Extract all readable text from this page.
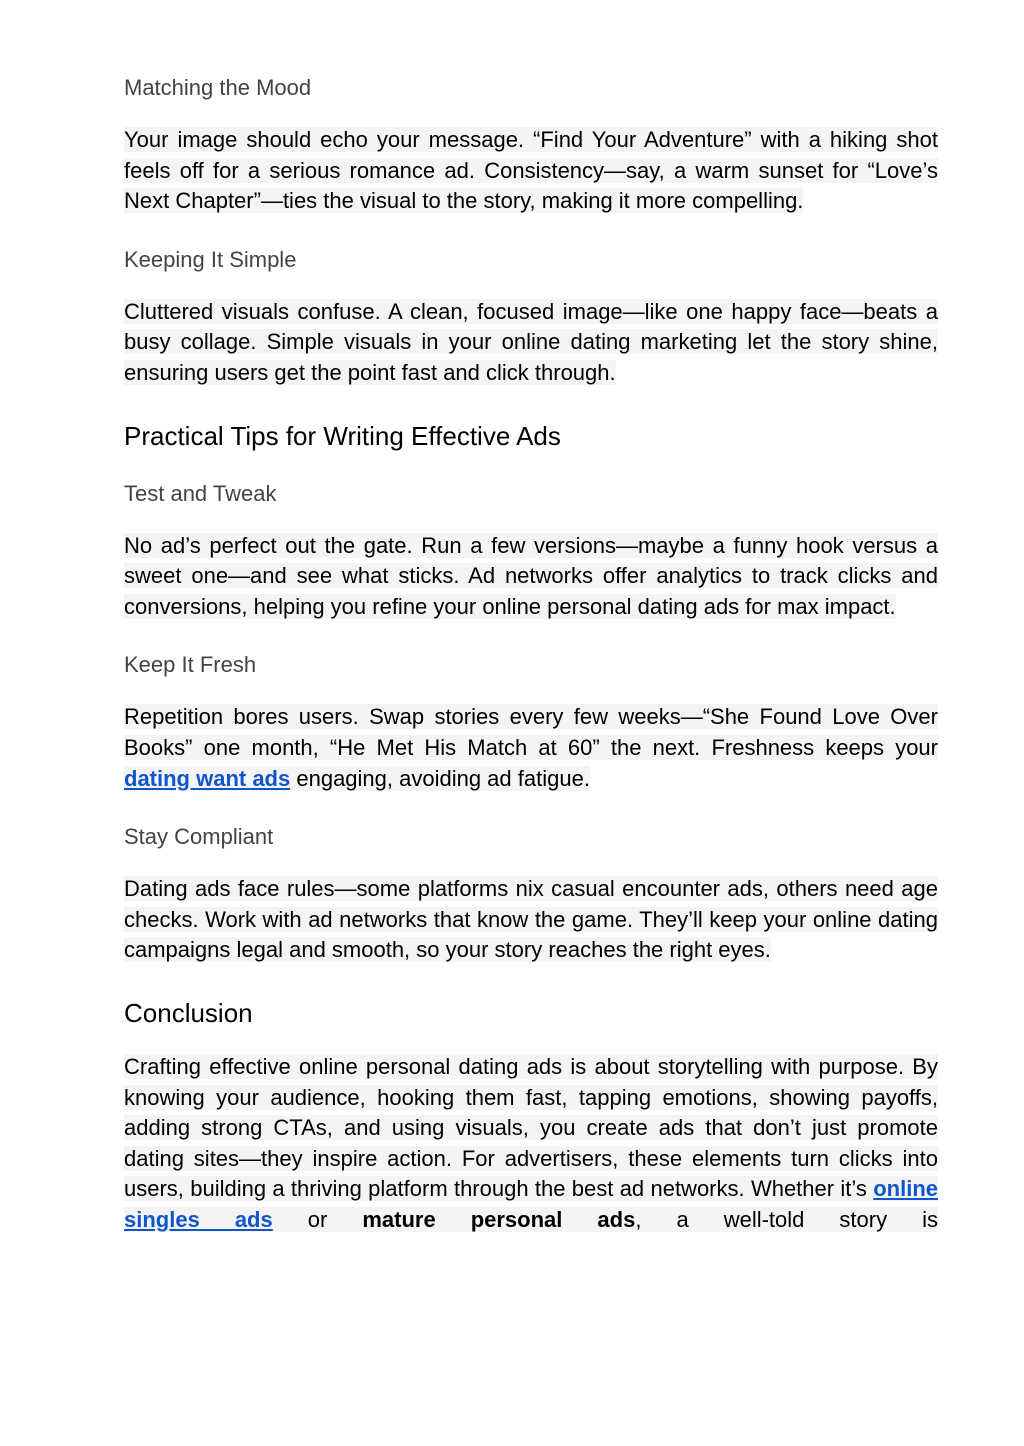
Matching the Mood

Your image should echo your message. “Find Your Adventure” with a hiking shot feels off for a serious romance ad. Consistency—say, a warm sunset for “Love’s Next Chapter”—ties the visual to the story, making it more compelling.

Keeping It Simple

Cluttered visuals confuse. A clean, focused image—like one happy face—beats a busy collage. Simple visuals in your online dating marketing let the story shine, ensuring users get the point fast and click through.

Practical Tips for Writing Effective Ads
Test and Tweak

No ad’s perfect out the gate. Run a few versions—maybe a funny hook versus a sweet one—and see what sticks. Ad networks offer analytics to track clicks and conversions, helping you refine your online personal dating ads for max impact.

Keep It Fresh

Repetition bores users. Swap stories every few weeks—“She Found Love Over Books” one month, “He Met His Match at 60” the next. Freshness keeps your dating want ads engaging, avoiding ad fatigue.

Stay Compliant

Dating ads face rules—some platforms nix casual encounter ads, others need age checks. Work with ad networks that know the game. They’ll keep your online dating campaigns legal and smooth, so your story reaches the right eyes.

Conclusion

Crafting effective online personal dating ads is about storytelling with purpose. By knowing your audience, hooking them fast, tapping emotions, showing payoffs, adding strong CTAs, and using visuals, you create ads that don’t just promote dating sites—they inspire action. For advertisers, these elements turn clicks into users, building a thriving platform through the best ad networks. Whether it’s online singles ads or mature personal ads, a well-told story is
